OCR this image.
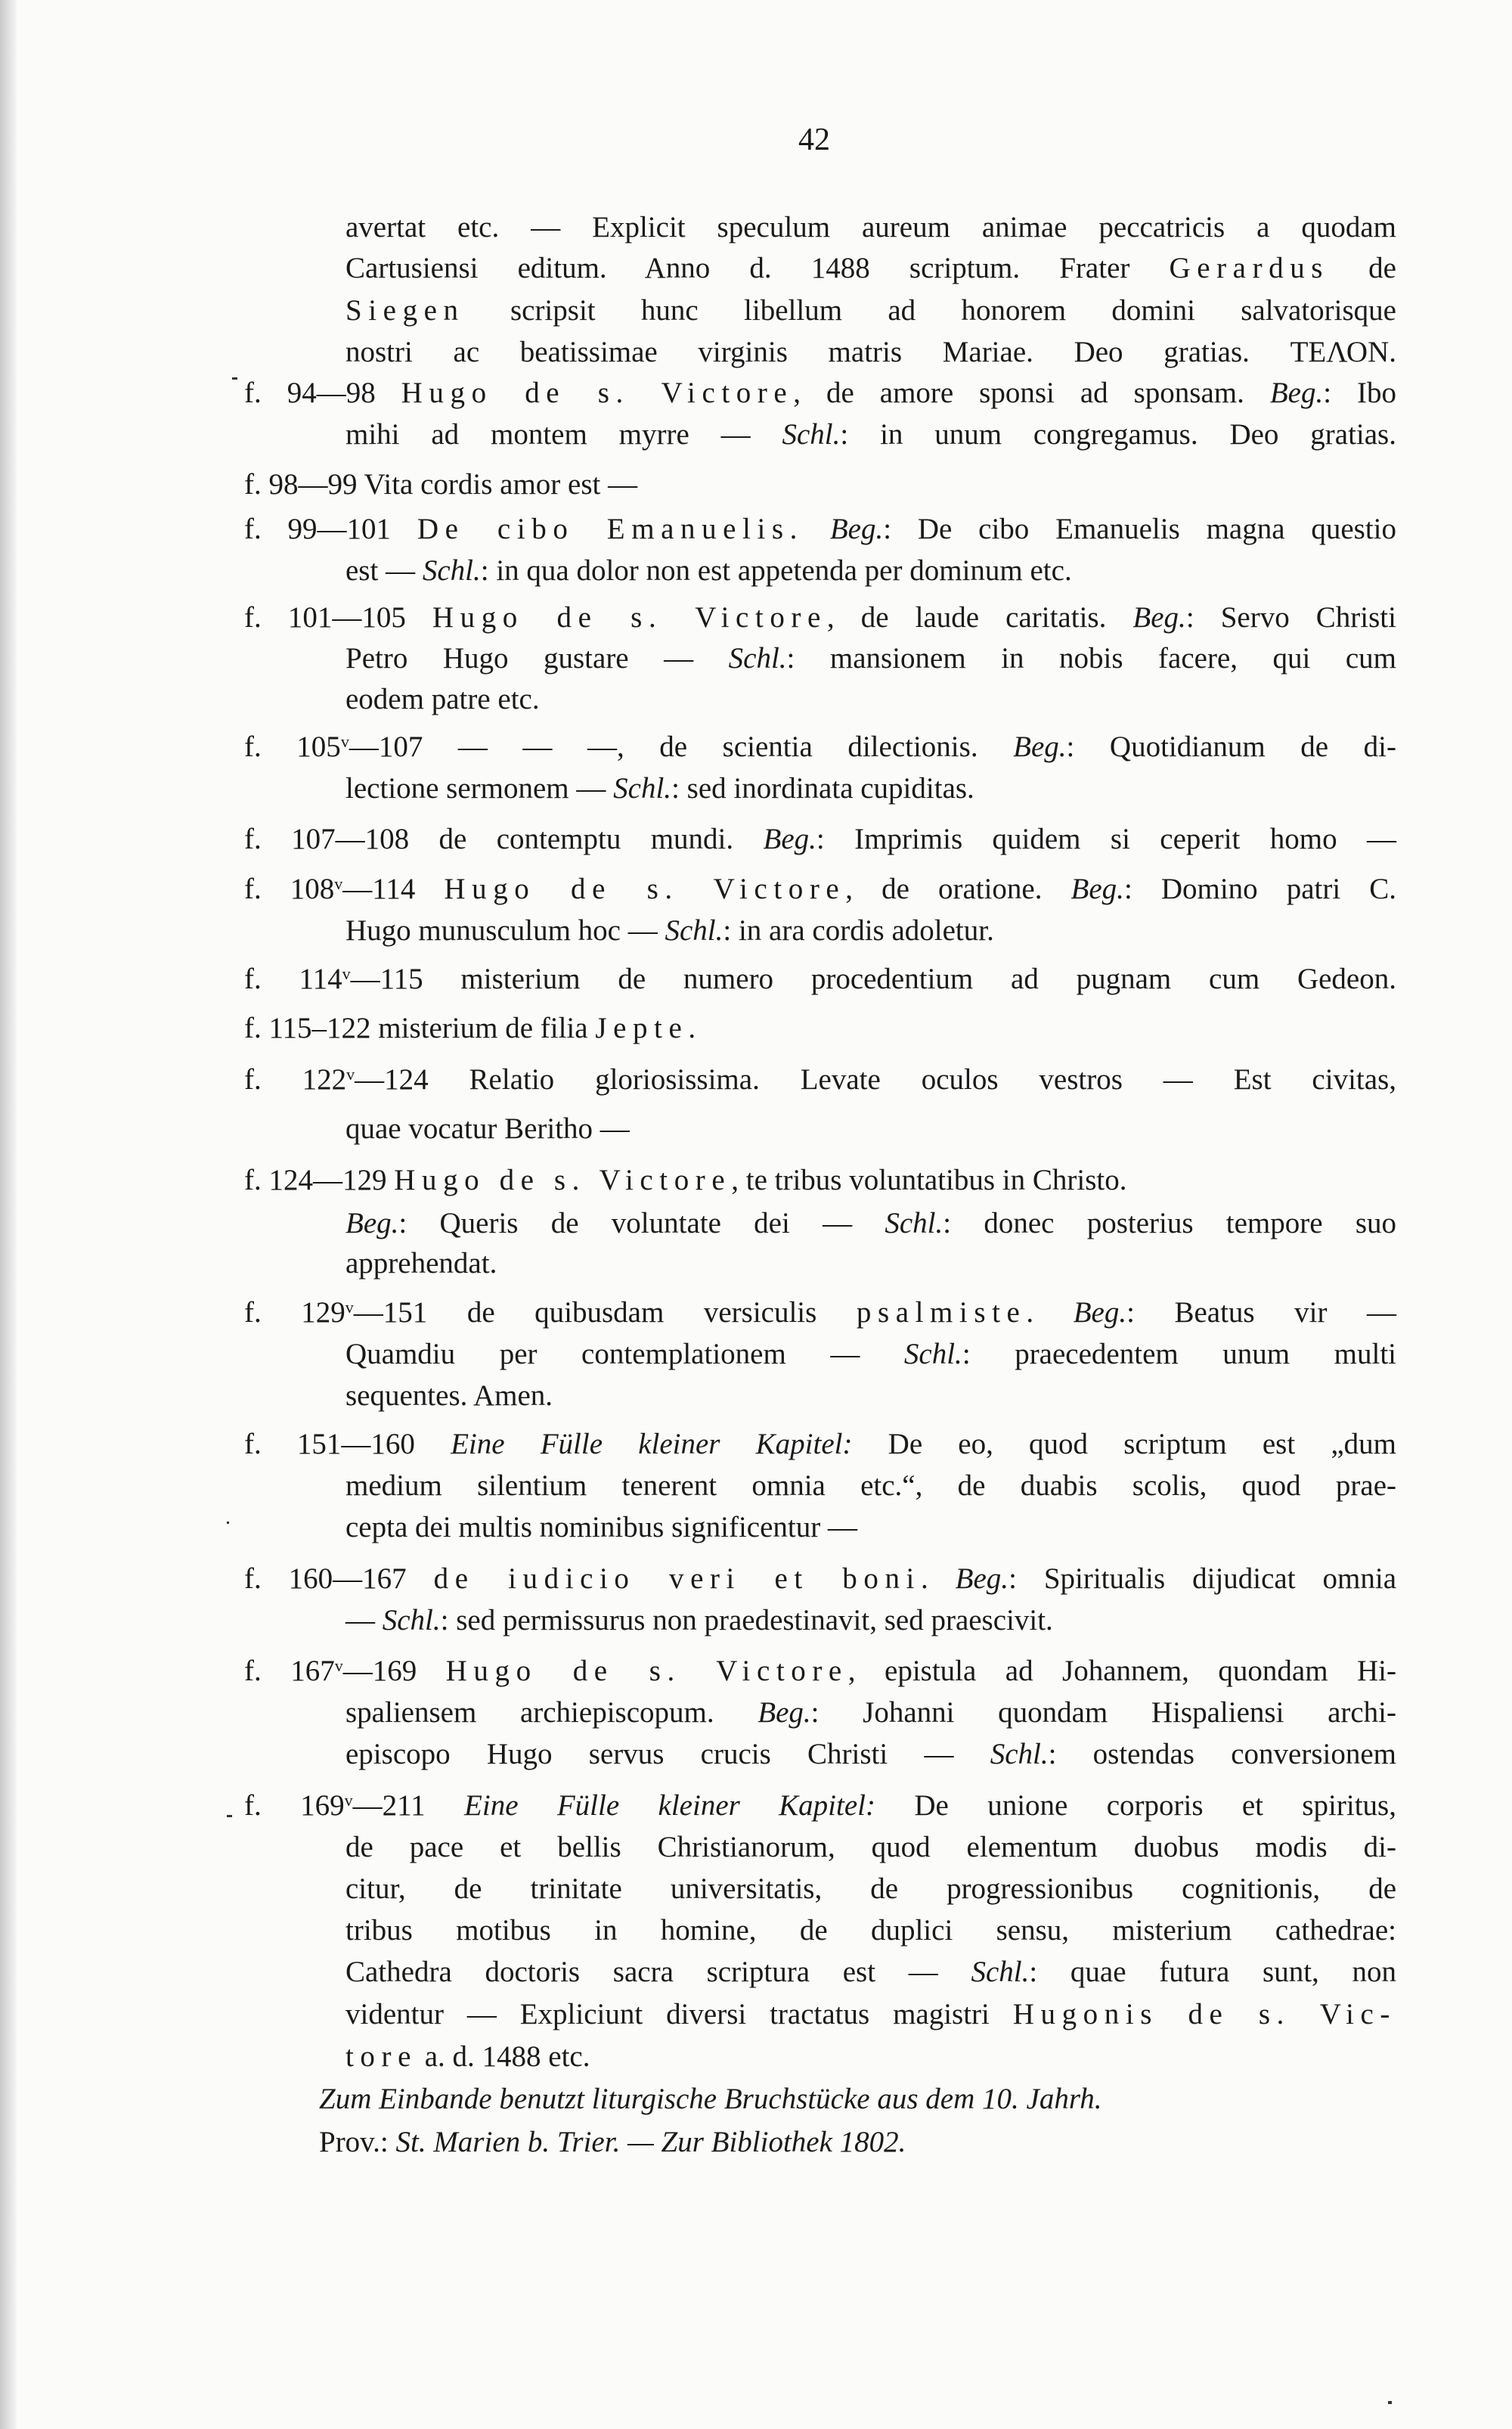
42
avertat etc. — Explicit speculum aureum animae peccatricis a quodam
Cartusiensi editum. Anno d. 1488 scriptum. Frater Gerardus de
Siegen scripsit hunc libellum ad honorem domini salvatorisque
nostri ac beatissimae virginis matris Mariae. Deo gratias. ΤΕΛΟΝ.
f. 94—98 Hugo de s. Victore, de amore sponsi ad sponsam. Beg.: Ibo
mihi ad montem myrre — Schl.: in unum congregamus. Deo gratias.
f. 98—99 Vita cordis amor est —
f. 99—101 De cibo Emanuelis. Beg.: De cibo Emanuelis magna questio
est — Schl.: in qua dolor non est appetenda per dominum etc.
f. 101—105 Hugo de s. Victore, de laude caritatis. Beg.: Servo Christi
Petro Hugo gustare — Schl.: mansionem in nobis facere, qui cum
eodem patre etc.
f. 105$^v$—107 — — —, de scientia dilectionis. Beg.: Quotidianum de di-
lectione sermonem — Schl.: sed inordinata cupiditas.
f. 107—108 de contemptu mundi. Beg.: Imprimis quidem si ceperit homo —
f. 108$^v$—114 Hugo de s. Victore, de oratione. Beg.: Domino patri C.
Hugo munusculum hoc — Schl.: in ara cordis adoletur.
f. 114$^v$—115 misterium de numero procedentium ad pugnam cum Gedeon.
f. 115–122 misterium de filia Jepte.
f. 122$^v$—124 Relatio gloriosissima. Levate oculos vestros — Est civitas,
quae vocatur Beritho —
f. 124—129 Hugo de s. Victore, te tribus voluntatibus in Christo.
Beg.: Queris de voluntate dei — Schl.: donec posterius tempore suo
apprehendat.
f. 129$^v$—151 de quibusdam versiculis psalmiste. Beg.: Beatus vir —
Quamdiu per contemplationem — Schl.: praecedentem unum multi
sequentes. Amen.
f. 151—160 Eine Fülle kleiner Kapitel: De eo, quod scriptum est „dum
medium silentium tenerent omnia etc.“, de duabis scolis, quod prae-
cepta dei multis nominibus significentur —
f. 160—167 de iudicio veri et boni. Beg.: Spiritualis dijudicat omnia
— Schl.: sed permissurus non praedestinavit, sed praescivit.
f. 167$^v$—169 Hugo de s. Victore, epistula ad Johannem, quondam Hi-
spaliensem archiepiscopum. Beg.: Johanni quondam Hispaliensi archi-
episcopo Hugo servus crucis Christi — Schl.: ostendas conversionem
f. 169$^v$—211 Eine Fülle kleiner Kapitel: De unione corporis et spiritus,
de pace et bellis Christianorum, quod elementum duobus modis di-
citur, de trinitate universitatis, de progressionibus cognitionis, de
tribus motibus in homine, de duplici sensu, misterium cathedrae:
Cathedra doctoris sacra scriptura est — Schl.: quae futura sunt, non
videntur — Expliciunt diversi tractatus magistri Hugonis de s. Vic-
tore a. d. 1488 etc.
Zum Einbande benutzt liturgische Bruchstücke aus dem 10. Jahrh.
Prov.: St. Marien b. Trier. — Zur Bibliothek 1802.
